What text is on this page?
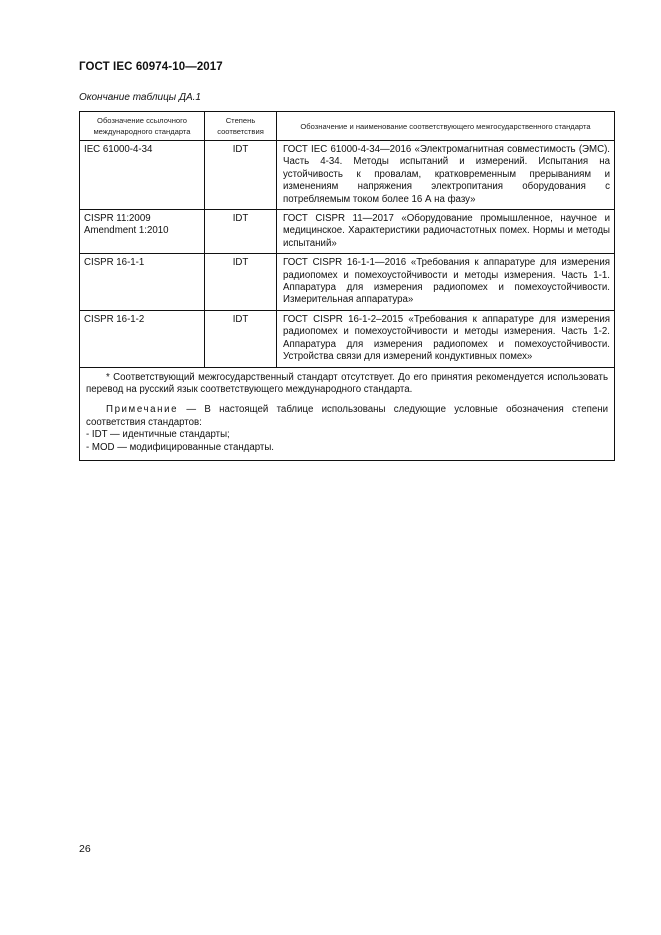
ГОСТ IEC 60974-10—2017
Окончание таблицы ДА.1
Обозначение ссылочного международного стандарта	Степень соответствия	Обозначение и наименование соответствующего межгосударственного стандарта
IEC 61000-4-34	IDT	ГОСТ IEC 61000-4-34—2016 «Электромагнитная совместимость (ЭМС). Часть 4-34. Методы испытаний и измерений. Испытания на устойчивость к провалам, кратковременным прерываниям и изменениям напряжения электропитания оборудования с потребляемым током более 16 А на фазу»

CISPR 11:2009
Amendment 1:2010	IDT	ГОСТ CISPR 11—2017 «Оборудование промышленное, научное и медицинское. Характеристики радиочастотных помех. Нормы и методы испытаний»
CISPR 16-1-1	IDT	ГОСТ CISPR 16-1-1—2016 «Требования к аппаратуре для измерения радиопомех и помехоустойчивости и методы измерения. Часть 1-1. Аппаратура для измерения радиопомех и помехоустойчивости. Измерительная аппаратура»
CISPR 16-1-2	IDT	ГОСТ CISPR 16-1-2–2015 «Требования к аппаратуре для измерения радиопомех и помехоустойчивости и методы измерения. Часть 1-2. Аппаратура для измерения радиопомех и помехоустойчивости. Устройства связи для измерений кондуктивных помех»

* Соответствующий межгосударственный стандарт отсутствует. До его принятия рекомендуется использовать перевод на русский язык соответствующего международного стандарта.

Примечание — В настоящей таблице использованы следующие условные обозначения степени соответствия стандартов:

- IDT — идентичные стандарты;

- MOD — модифицированные стандарты.		

26
